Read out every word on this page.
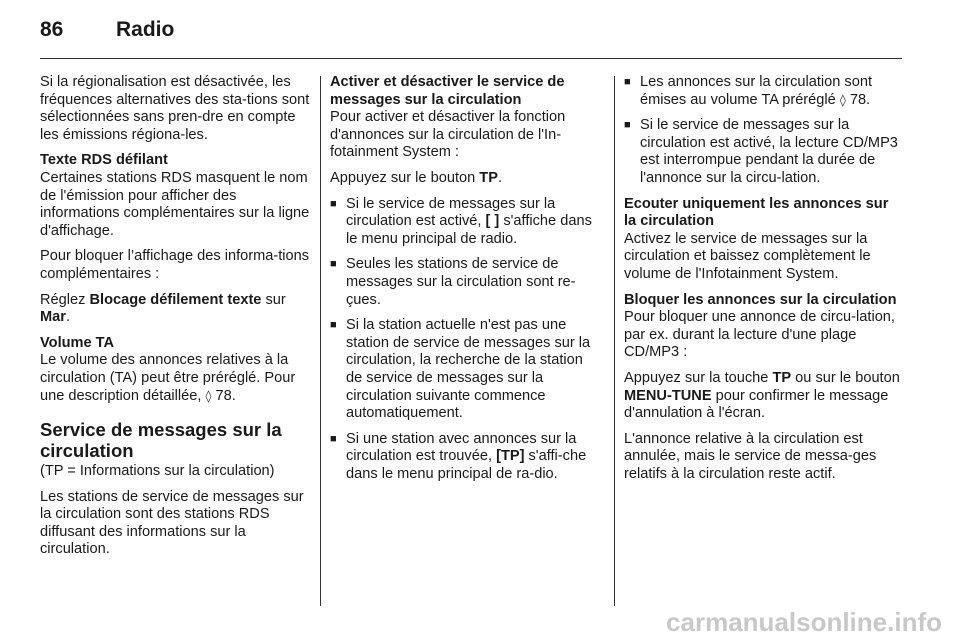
86	Radio

Si la régionalisation est désactivée, les fréquences alternatives des sta-tions sont sélectionnées sans pren-dre en compte les émissions régiona-les.

Texte RDS défilant

Certaines stations RDS masquent le nom de l'émission pour afficher des informations complémentaires sur la ligne d'affichage.

Pour bloquer l’affichage des informa-tions complémentaires :

Réglez Blocage défilement texte sur Mar.

Volume TA

Le volume des annonces relatives à la circulation (TA) peut être préréglé. Pour une description détaillée, ◊ 78.

Service de messages sur la circulation

(TP = Informations sur la circulation)

Les stations de service de messages sur la circulation sont des stations RDS diffusant des informations sur la circulation.

Activer et désactiver le service de messages sur la circulation

Pour activer et désactiver la fonction d'annonces sur la circulation de l'In-fotainment System :

Appuyez sur le bouton TP.

■ Si le service de messages sur la circulation est activé, [ ] s'affiche dans le menu principal de radio.
■ Seules les stations de service de messages sur la circulation sont re-çues.
■ Si la station actuelle n'est pas une station de service de messages sur la circulation, la recherche de la station de service de messages sur la circulation suivante commence automatiquement.
■ Si une station avec annonces sur la circulation est trouvée, [TP] s'affi-che dans le menu principal de ra-dio.
■ Les annonces sur la circulation sont émises au volume TA préréglé ◊ 78.
■ Si le service de messages sur la circulation est activé, la lecture CD/MP3 est interrompue pendant la durée de l'annonce sur la circu-lation.

Ecouter uniquement les annonces sur la circulation

Activez le service de messages sur la circulation et baissez complètement le volume de l'Infotainment System.

Bloquer les annonces sur la circulation

Pour bloquer une annonce de circu-lation, par ex. durant la lecture d'une plage CD/MP3 :

Appuyez sur la touche TP ou sur le bouton MENU-TUNE pour confirmer le message d'annulation à l'écran.

L'annonce relative à la circulation est annulée, mais le service de messa-ges relatifs à la circulation reste actif.

carmanualsonline.info
